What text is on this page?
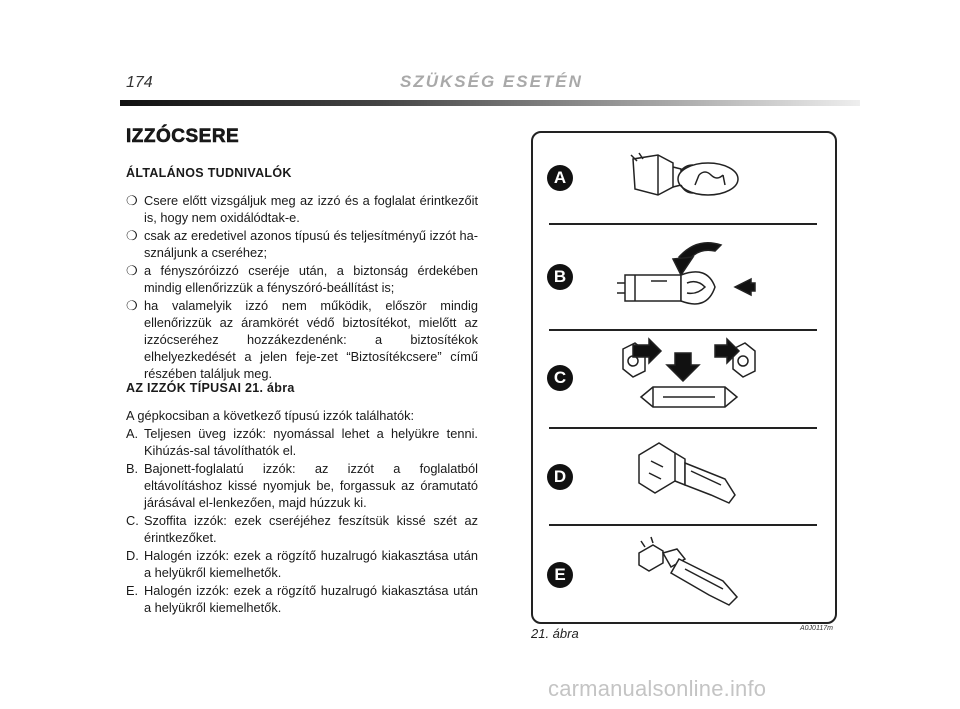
174	SZÜKSÉG ESETÉN
IZZÓCSERE
ÁLTALÁNOS TUDNIVALÓK
❍ Csere előtt vizsgáljuk meg az izzó és a foglalat érintkezőit is, hogy nem oxidálódtak-e.
❍ csak az eredetivel azonos típusú és teljesítményű izzót ha-sználjunk a cseréhez;
❍ a fényszóróizzó cseréje után, a biztonság érdekében mindig ellenőrizzük a fényszóró-beállítást is;
❍ ha valamelyik izzó nem működik, először mindig ellenőrizzük az áramkörét védő biztosítékot, mielőtt az izzócseréhez hozzákezdenénk: a biztosítékok elhelyezkedését a jelen feje-zet “Biztosítékcsere” című részében találjuk meg.
AZ IZZÓK TÍPUSAI 21. ábra
A gépkocsiban a következő típusú izzók találhatók:
A. Teljesen üveg izzók: nyomással lehet a helyükre tenni. Kihúzás-sal távolíthatók el.
B. Bajonett-foglalatú izzók: az izzót a foglalatból eltávolításhoz kissé nyomjuk be, forgassuk az óramutató járásával el-lenkezően, majd húzzuk ki.
C. Szoffita izzók: ezek cseréjéhez feszítsük kissé szét az érintkezőket.
D. Halogén izzók: ezek a rögzítő huzalrugó kiakasztása után a helyükről kiemelhetők.
E. Halogén izzók: ezek a rögzítő huzalrugó kiakasztása után a helyükről kiemelhetők.
A
B
C
D
E
21. ábra	A0J0117m
carmanualsonline.info
